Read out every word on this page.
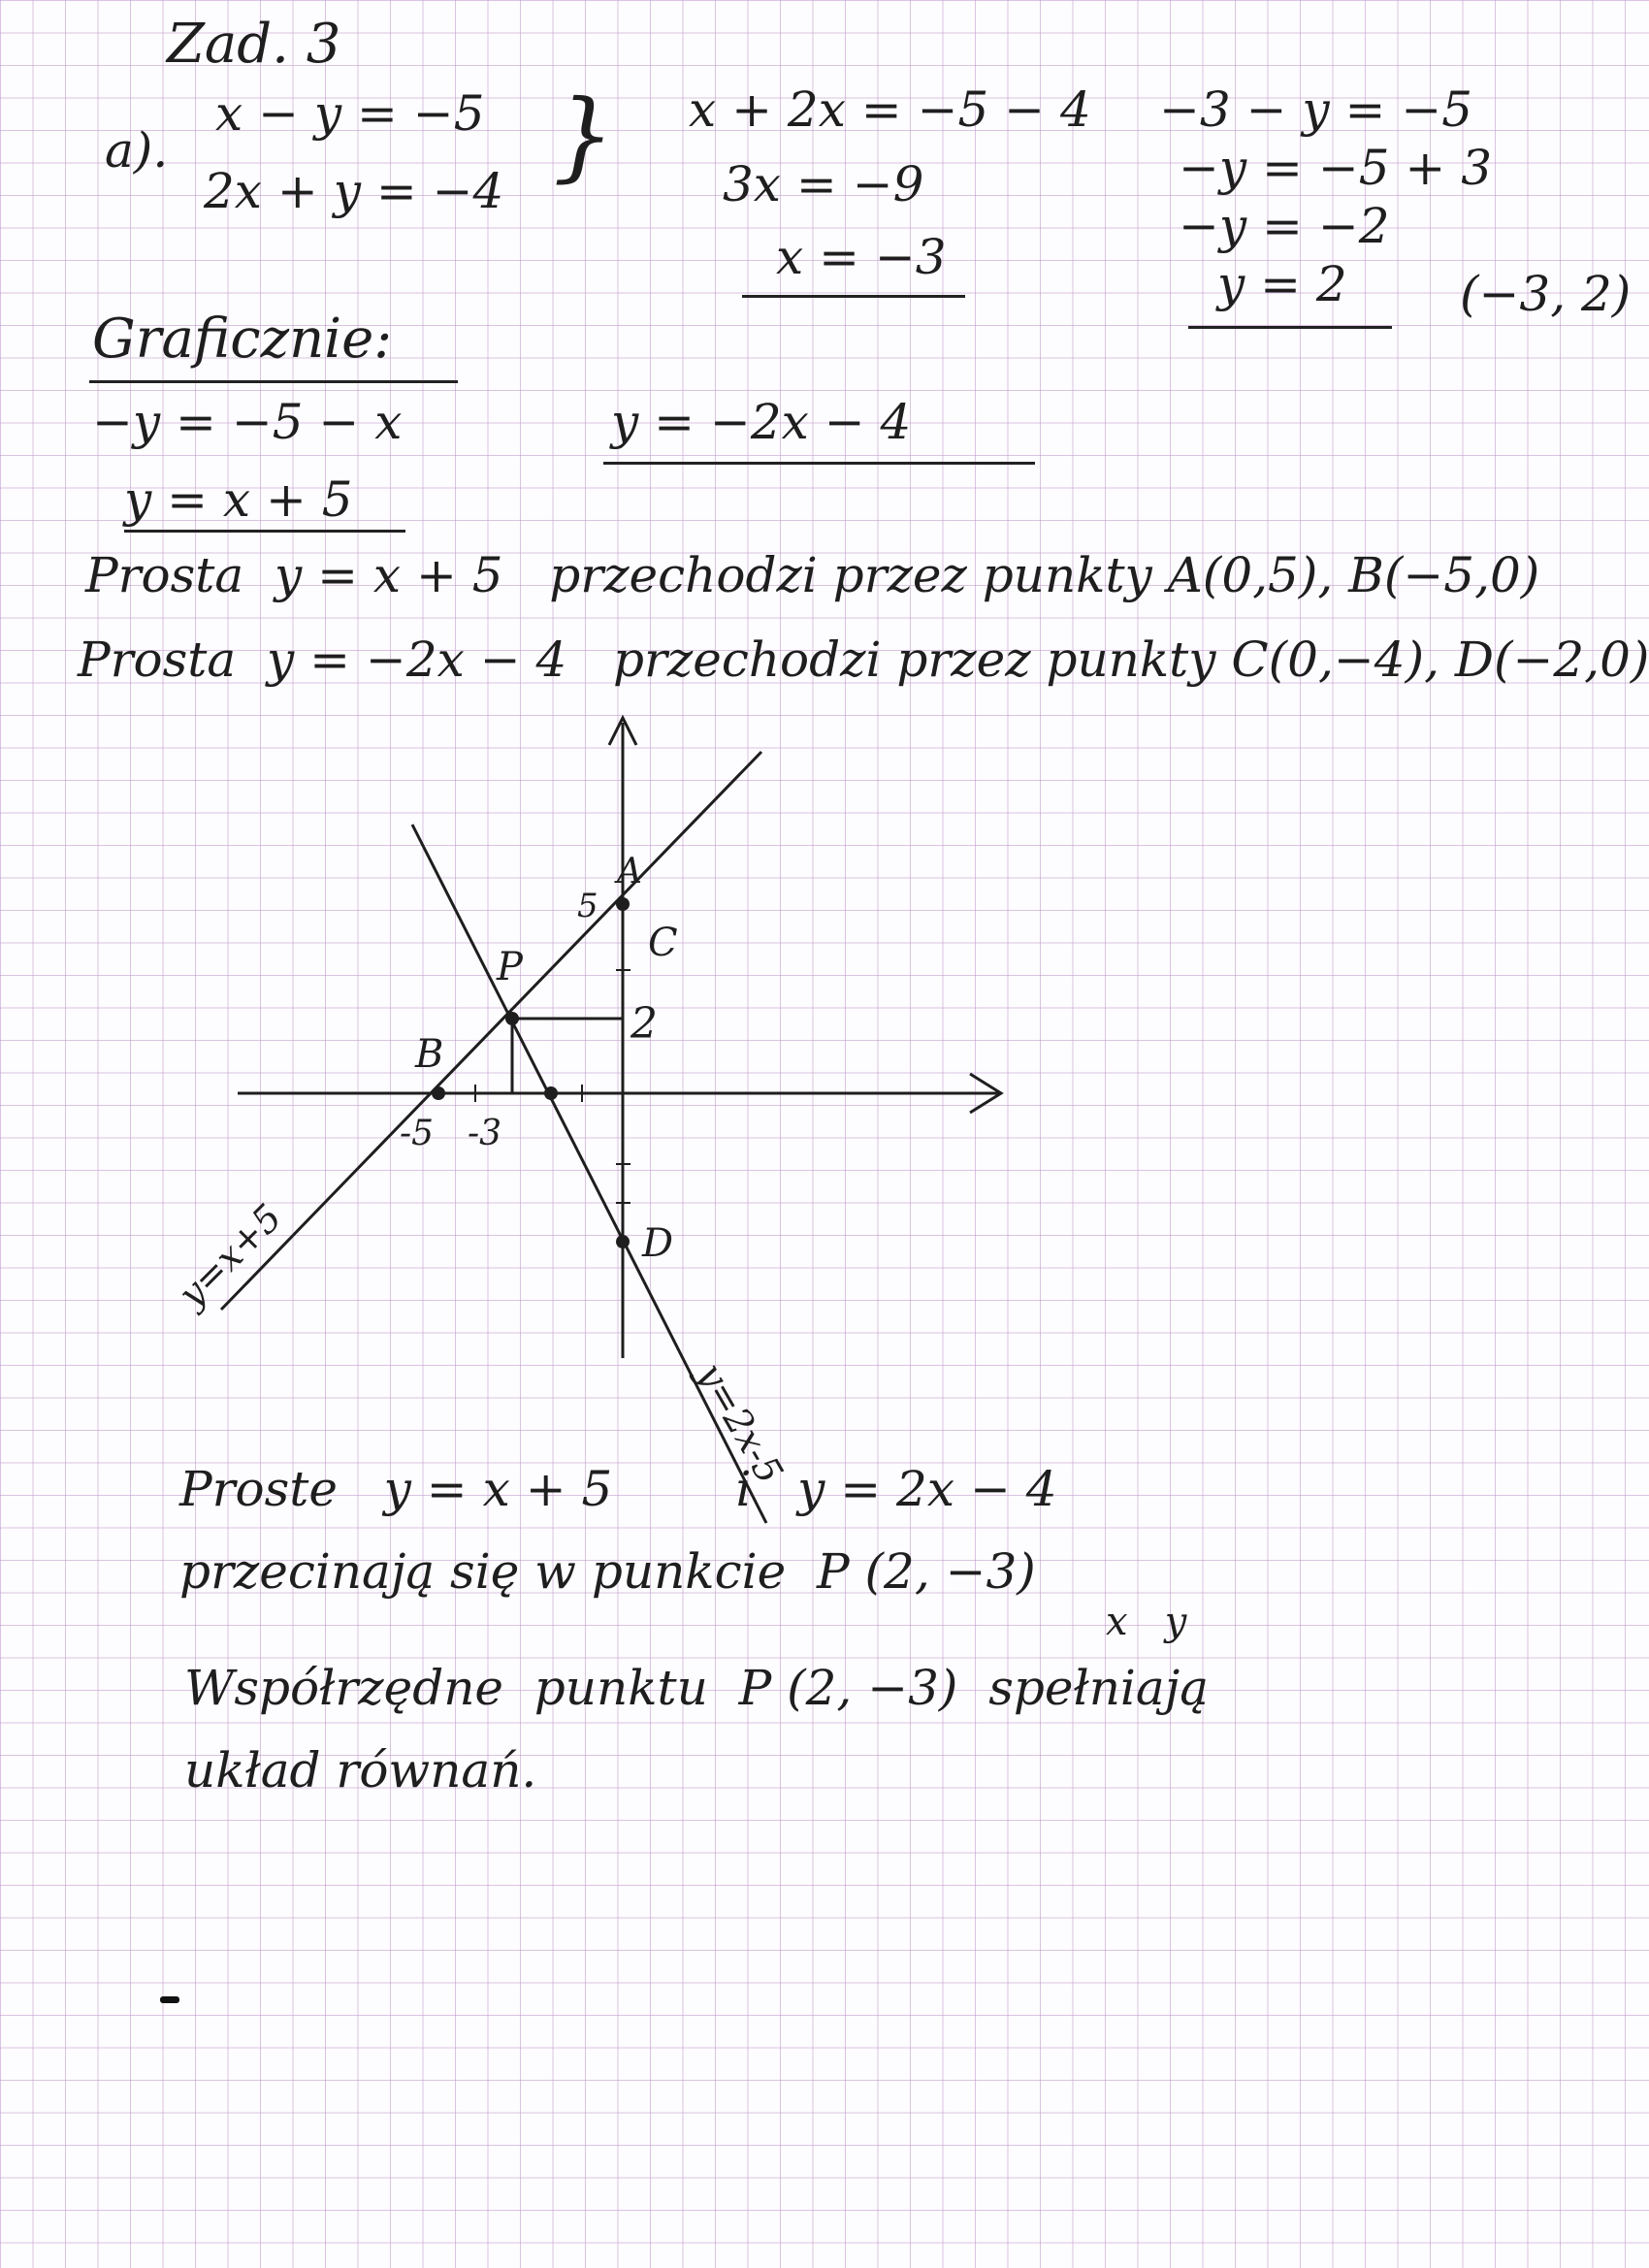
Zad. 3
a).
x − y = −5
2x + y = −4 } x + 2x = −5 − 4
3x = −9
x = −3
−3 − y = −5
−y = −5 + 3
−y = −2
y = 2 (−3, 2)
Graficznie:
−y = −5 − x
y = x + 5
y = −2x − 4
Prosta  y = x + 5   przechodzi przez punkty A(0,5), B(−5,0)
Prosta  y = −2x − 4   przechodzi przez punkty C(0,−4), D(−2,0)
P
B
A
C
D
5
2
-5 -3
y=x+5
y=2x-5
Proste   y = x + 5        i   y = 2x − 4
przecinają się w punkcie  P (2, −3)
x   y
Współrzędne  punktu  P (2, −3)  spełniają
układ równań.
